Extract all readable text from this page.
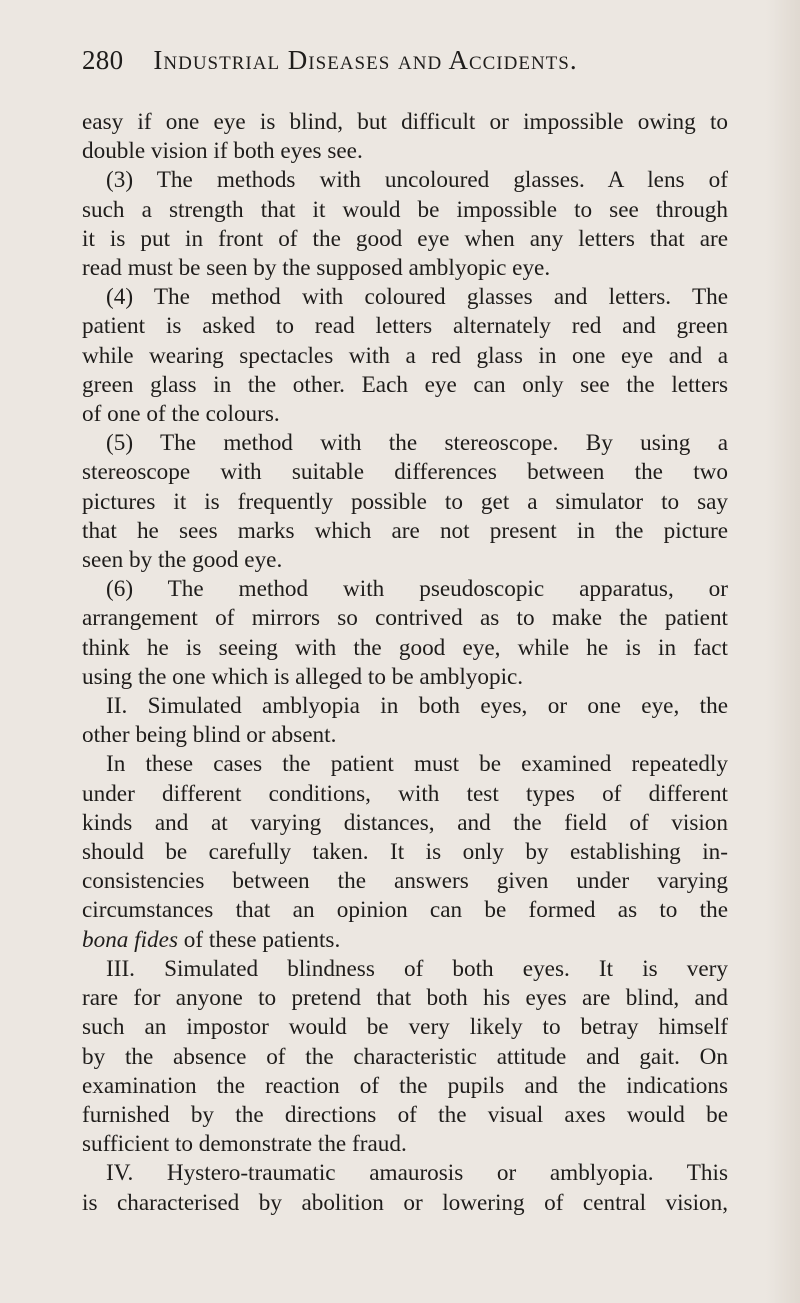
280 Industrial Diseases and Accidents.
easy if one eye is blind, but difficult or impossible owing to
double vision if both eyes see.
(3) The methods with uncoloured glasses. A lens of
such a strength that it would be impossible to see through
it is put in front of the good eye when any letters that are
read must be seen by the supposed amblyopic eye.
(4) The method with coloured glasses and letters. The
patient is asked to read letters alternately red and green
while wearing spectacles with a red glass in one eye and a
green glass in the other. Each eye can only see the letters
of one of the colours.
(5) The method with the stereoscope. By using a
stereoscope with suitable differences between the two
pictures it is frequently possible to get a simulator to say
that he sees marks which are not present in the picture
seen by the good eye.
(6) The method with pseudoscopic apparatus, or
arrangement of mirrors so contrived as to make the patient
think he is seeing with the good eye, while he is in fact
using the one which is alleged to be amblyopic.
II. Simulated amblyopia in both eyes, or one eye, the
other being blind or absent.
In these cases the patient must be examined repeatedly
under different conditions, with test types of different
kinds and at varying distances, and the field of vision
should be carefully taken. It is only by establishing in-
consistencies between the answers given under varying
circumstances that an opinion can be formed as to the
bona fides of these patients.
III. Simulated blindness of both eyes. It is very
rare for anyone to pretend that both his eyes are blind, and
such an impostor would be very likely to betray himself
by the absence of the characteristic attitude and gait. On
examination the reaction of the pupils and the indications
furnished by the directions of the visual axes would be
sufficient to demonstrate the fraud.
IV. Hystero-traumatic amaurosis or amblyopia. This
is characterised by abolition or lowering of central vision,
